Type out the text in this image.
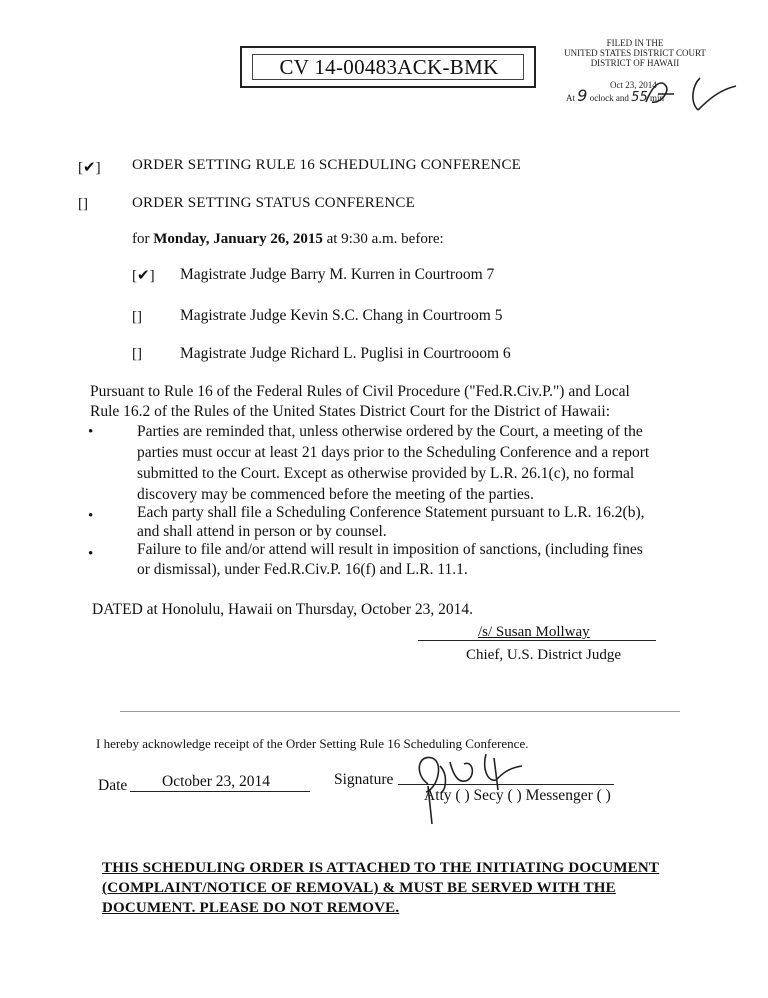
CV 14-00483ACK-BMK
FILED IN THE
UNITED STATES DISTRICT COURT
DISTRICT OF HAWAII
Oct 23, 2014
At 9 oclock and 55 min
[✔] ORDER SETTING RULE 16 SCHEDULING CONFERENCE
[]	ORDER SETTING STATUS CONFERENCE
for Monday, January 26, 2015 at 9:30 a.m. before:
[✔] Magistrate Judge Barry M. Kurren in Courtroom 7
[] Magistrate Judge Kevin S.C. Chang in Courtroom 5
[] Magistrate Judge Richard L. Puglisi in Courtrooom 6
Pursuant to Rule 16 of the Federal Rules of Civil Procedure ("Fed.R.Civ.P.") and Local
Rule 16.2 of the Rules of the United States District Court for the District of Hawaii:
•	Parties are reminded that, unless otherwise ordered by the Court, a meeting of the
parties must occur at least 21 days prior to the Scheduling Conference and a report
submitted to the Court. Except as otherwise provided by L.R. 26.1(c), no formal
discovery may be commenced before the meeting of the parties.
•	Each party shall file a Scheduling Conference Statement pursuant to L.R. 16.2(b),
and shall attend in person or by counsel.
•	Failure to file and/or attend will result in imposition of sanctions, (including fines
or dismissal), under Fed.R.Civ.P. 16(f) and L.R. 11.1.
DATED at Honolulu, Hawaii on Thursday, October 23, 2014.
/s/ Susan Mollway
Chief, U.S. District Judge
I hereby acknowledge receipt of the Order Setting Rule 16 Scheduling Conference.
Date October 23, 2014	Signature
Atty ( ) Secy ( ) Messenger ( )
THIS SCHEDULING ORDER IS ATTACHED TO THE INITIATING DOCUMENT
(COMPLAINT/NOTICE OF REMOVAL) & MUST BE SERVED WITH THE
DOCUMENT. PLEASE DO NOT REMOVE.
